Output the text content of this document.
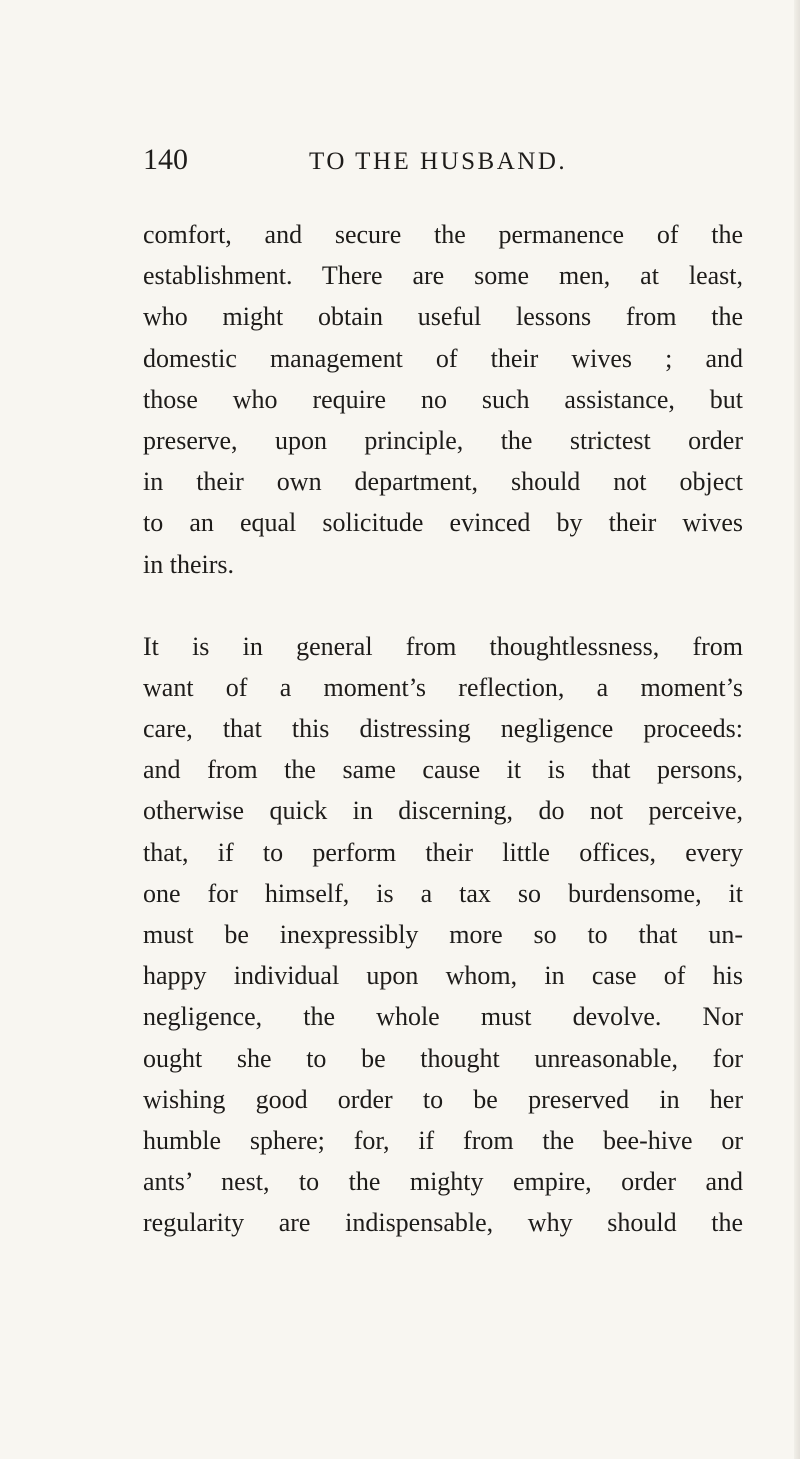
140	TO THE HUSBAND.
comfort, and secure the permanence of the
establishment. There are some men, at least,
who might obtain useful lessons from the
domestic management of their wives ; and
those who require no such assistance, but
preserve, upon principle, the strictest order
in their own department, should not object
to an equal solicitude evinced by their wives
in theirs.
It is in general from thoughtlessness, from
want of a moment’s reflection, a moment’s
care, that this distressing negligence proceeds:
and from the same cause it is that persons,
otherwise quick in discerning, do not perceive,
that, if to perform their little offices, every
one for himself, is a tax so burdensome, it
must be inexpressibly more so to that un-
happy individual upon whom, in case of his
negligence, the whole must devolve. Nor
ought she to be thought unreasonable, for
wishing good order to be preserved in her
humble sphere; for, if from the bee-hive or
ants’ nest, to the mighty empire, order and
regularity are indispensable, why should the
